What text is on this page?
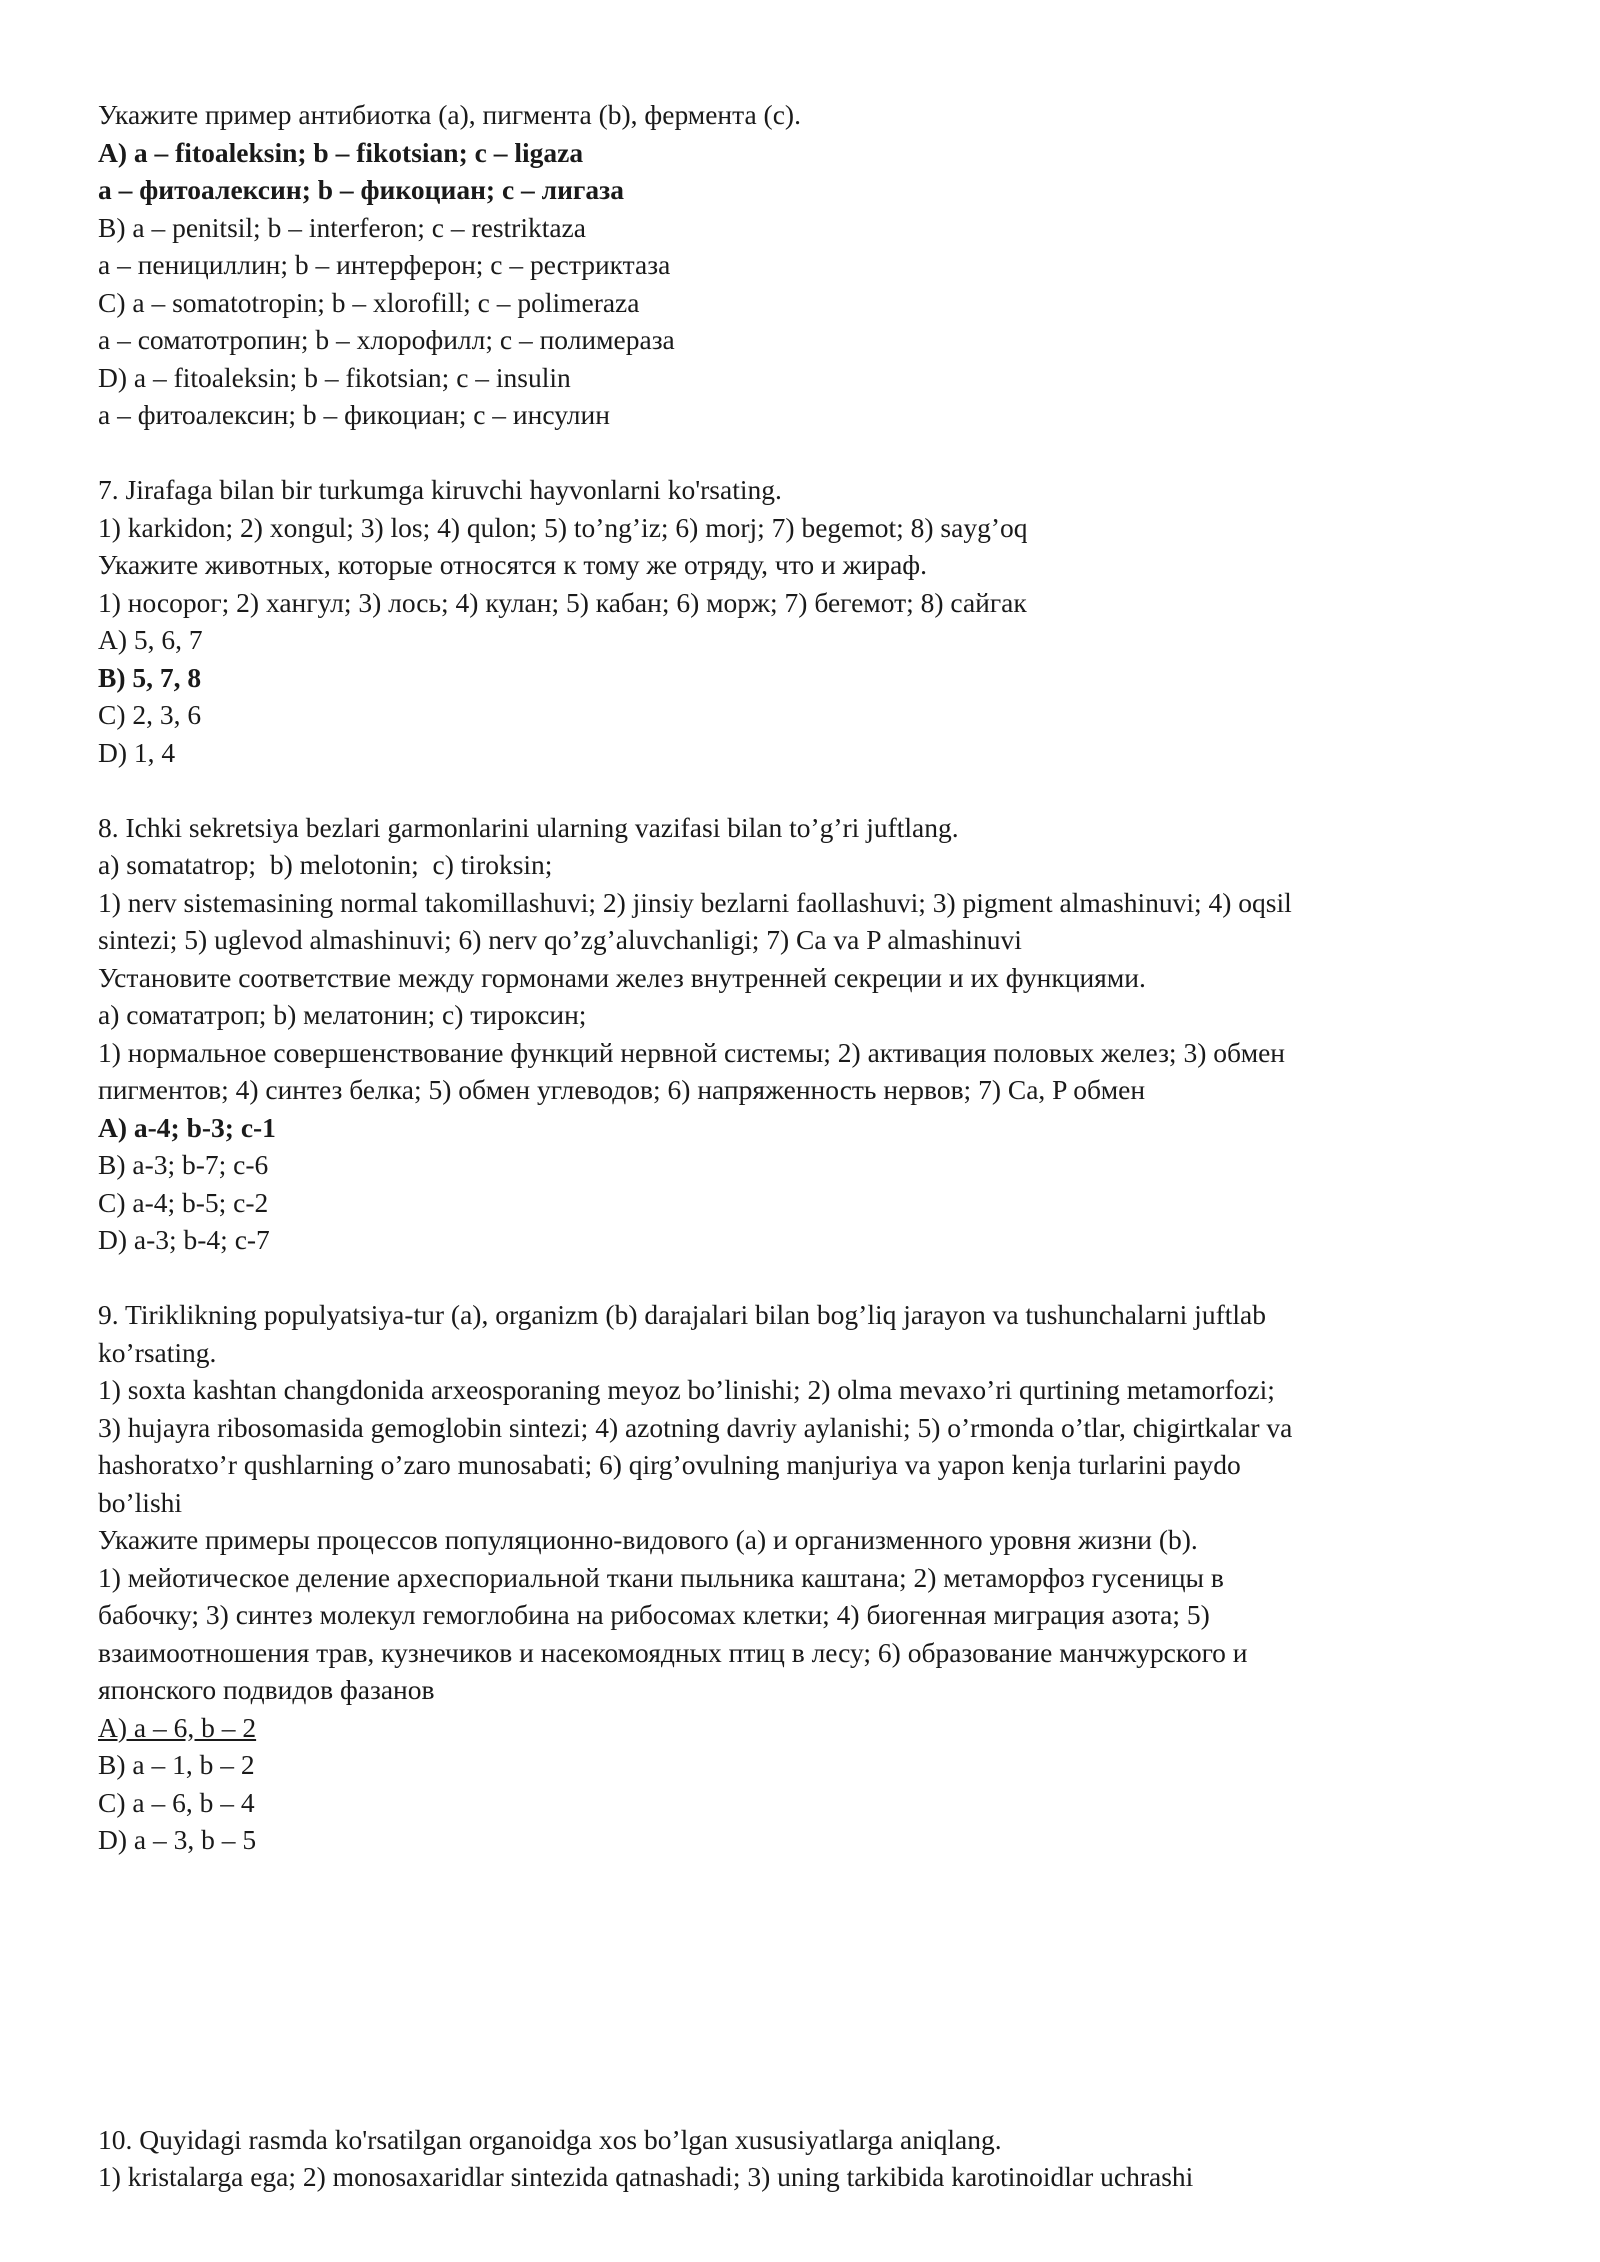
Укажите пример антибиотка (a), пигмента (b), фермента (c).
A) a – fitoaleksin; b – fikotsian; c – ligaza
a – фитоалексин; b – фикоциан; c – лигаза
B) a – penitsil; b – interferon; c – restriktaza
a – пенициллин; b – интерферон; c – рестриктаза
C) a – somatotropin; b – xlorofill; c – polimeraza
a – соматотропин; b – хлорофилл; c – полимераза
D) a – fitoaleksin; b – fikotsian; c – insulin
a – фитоалексин; b – фикоциан; c – инсулин
7. Jirafaga bilan bir turkumga kiruvchi hayvonlarni ko'rsating.
1) karkidon; 2) xongul; 3) los; 4) qulon; 5) to’ng’iz; 6) morj; 7) begemot; 8) sayg’oq
Укажите животных, которые относятся к тому же отряду, что и жираф.
1) носорог; 2) хангул; 3) лось; 4) кулан; 5) кабан; 6) морж; 7) бегемот; 8) сайгак
A) 5, 6, 7
B) 5, 7, 8
C) 2, 3, 6
D) 1, 4
8. Ichki sekretsiya bezlari garmonlarini ularning vazifasi bilan to’g’ri juftlang.
a) somatatrop;  b) melotonin;  c) tiroksin;
1) nerv sistemasining normal takomillashuvi; 2) jinsiy bezlarni faollashuvi; 3) pigment almashinuvi; 4) oqsil
sintezi; 5) uglevod almashinuvi; 6) nerv qo’zg’aluvchanligi; 7) Ca va P almashinuvi
Установите соответствие между гормонами желез внутренней секреции и их функциями.
a) сомататроп; b) мелатонин; c) тироксин;
1) нормальное совершенствование функций нервной системы; 2) активация половых желез; 3) обмен
пигментов; 4) синтез белка; 5) обмен углеводов; 6) напряженность нервов; 7) Ca, P обмен
A) a-4; b-3; c-1
B) a-3; b-7; c-6
C) a-4; b-5; c-2
D) a-3; b-4; c-7
9. Tiriklikning populyatsiya-tur (a), organizm (b) darajalari bilan bog’liq jarayon va tushunchalarni juftlab
ko’rsating.
1) soxta kashtan changdonida arxeosporaning meyoz bo’linishi; 2) olma mevaxo’ri qurtining metamorfozi;
3) hujayra ribosomasida gemoglobin sintezi; 4) azotning davriy aylanishi; 5) o’rmonda o’tlar, chigirtkalar va
hashoratxo’r qushlarning o’zaro munosabati; 6) qirg’ovulning manjuriya va yapon kenja turlarini paydo
bo’lishi
Укажите примеры процессов популяционно-видового (a) и организменного уровня жизни (b).
1) мейотическое деление археспориальной ткани пыльника каштана; 2) метаморфоз гусеницы в
бабочку; 3) синтез молекул гемоглобина на рибосомах клетки; 4) биогенная миграция азота; 5)
взаимоотношения трав, кузнечиков и насекомоядных птиц в лесу; 6) образование манчжурского и
японского подвидов фазанов
A) a – 6, b – 2
B) a – 1, b – 2
C) a – 6, b – 4
D) a – 3, b – 5
10. Quyidagi rasmda ko'rsatilgan organoidga xos bo’lgan xususiyatlarga aniqlang.
1) kristalarga ega; 2) monosaxaridlar sintezida qatnashadi; 3) uning tarkibida karotinoidlar uchrashi
